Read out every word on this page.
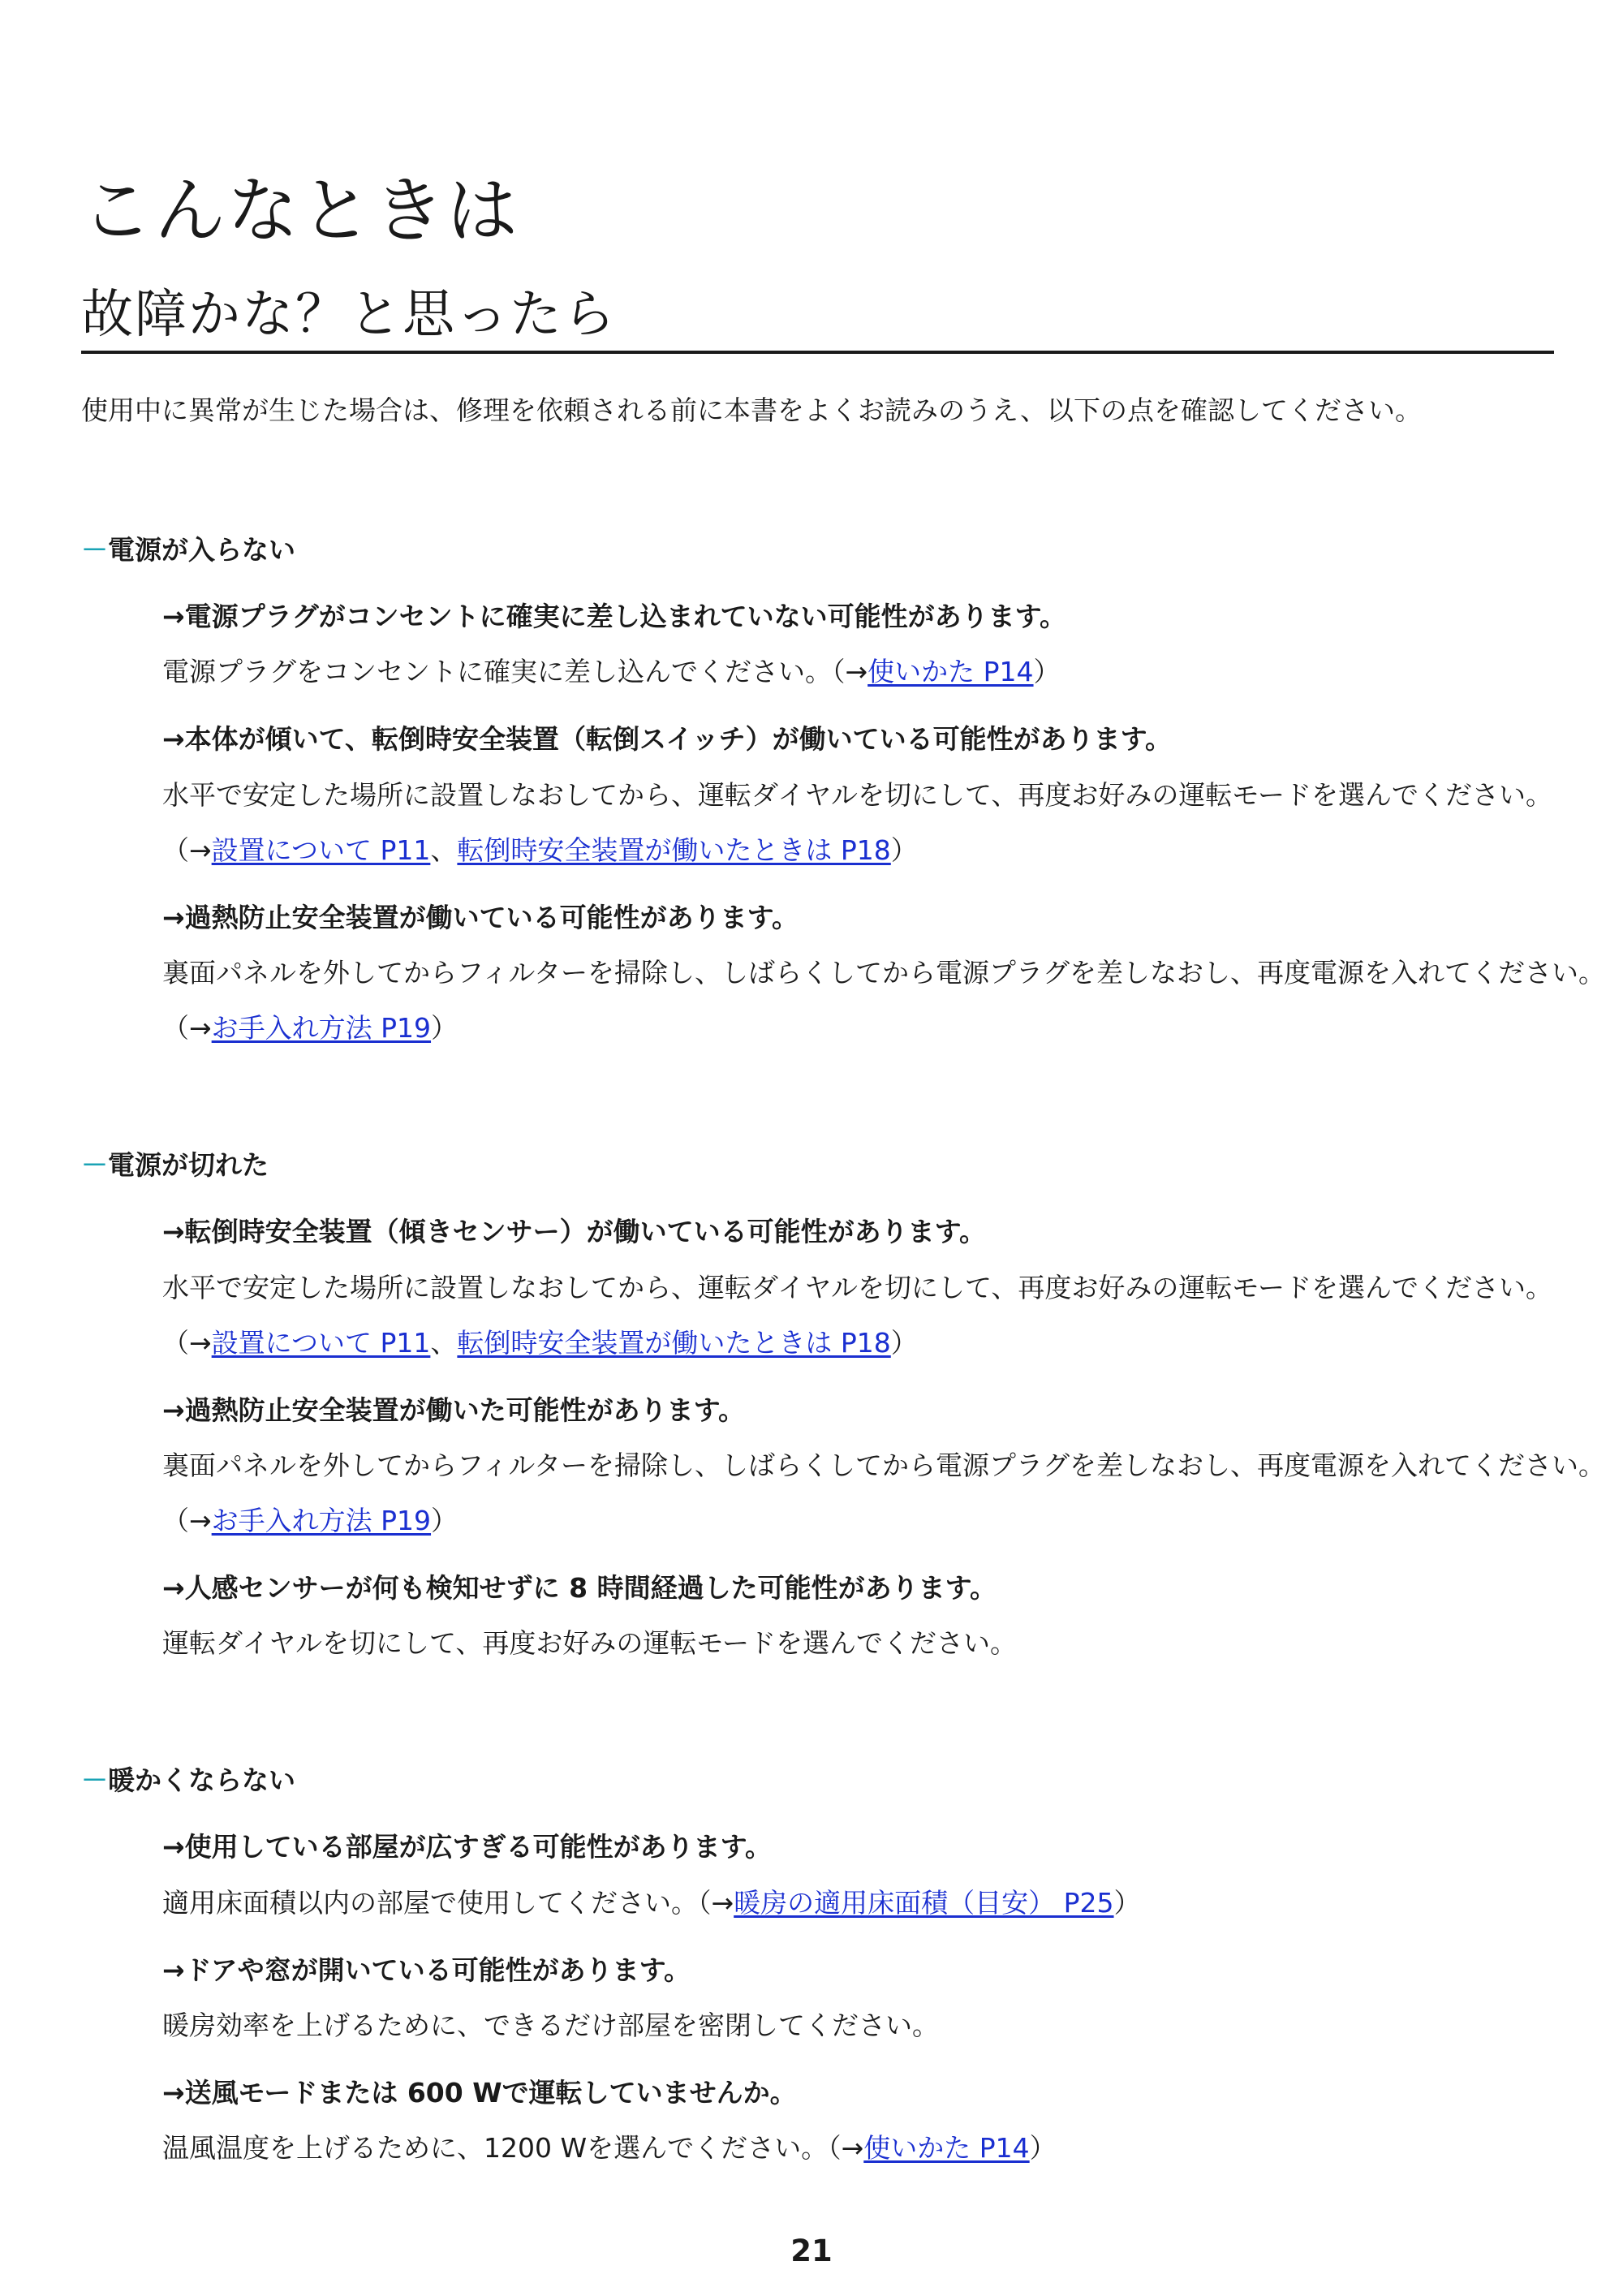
こんなときは
故障かな？と思ったら

使用中に異常が生じた場合は、修理を依頼される前に本書をよくお読みのうえ、以下の点を確認してください。

－電源が入らない

→電源プラグがコンセントに確実に差し込まれていない可能性があります。

電源プラグをコンセントに確実に差し込んでください。（→使いかた P14）

→本体が傾いて、転倒時安全装置（転倒スイッチ）が働いている可能性があります。

水平で安定した場所に設置しなおしてから、運転ダイヤルを切にして、再度お好みの運転モードを選んでください。

（→設置について P11、転倒時安全装置が働いたときは P18）

→過熱防止安全装置が働いている可能性があります。

裏面パネルを外してからフィルターを掃除し、しばらくしてから電源プラグを差しなおし、再度電源を入れてください。

（→お手入れ方法 P19）

－電源が切れた

→転倒時安全装置（傾きセンサー）が働いている可能性があります。

水平で安定した場所に設置しなおしてから、運転ダイヤルを切にして、再度お好みの運転モードを選んでください。

（→設置について P11、転倒時安全装置が働いたときは P18）

→過熱防止安全装置が働いた可能性があります。

裏面パネルを外してからフィルターを掃除し、しばらくしてから電源プラグを差しなおし、再度電源を入れてください。

（→お手入れ方法 P19）

→人感センサーが何も検知せずに 8 時間経過した可能性があります。

運転ダイヤルを切にして、再度お好みの運転モードを選んでください。

－暖かくならない

→使用している部屋が広すぎる可能性があります。

適用床面積以内の部屋で使用してください。（→暖房の適用床面積（目安） P25）

→ドアや窓が開いている可能性があります。

暖房効率を上げるために、できるだけ部屋を密閉してください。

→送風モードまたは 600 Wで運転していませんか。

温風温度を上げるために、1200 Wを選んでください。（→使いかた P14）

21
